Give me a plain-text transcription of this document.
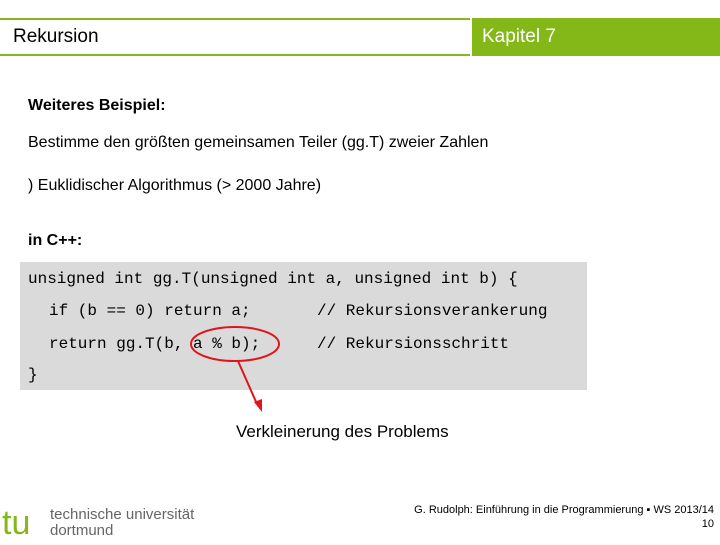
Rekursion	Kapitel 7
Weiteres Beispiel:
Bestimme den größten gemeinsamen Teiler (gg.T) zweier Zahlen
) Euklidischer Algorithmus (> 2000 Jahre)
in C++:
unsigned int gg.T(unsigned int a, unsigned int b) {
if (b == 0) return a;	// Rekursionsverankerung
return gg.T(b, a % b);	// Rekursionsschritt
}
Verkleinerung des Problems
tu technische universität
dortmund
G. Rudolph: Einführung in die Programmierung ▪ WS 2013/14
10
